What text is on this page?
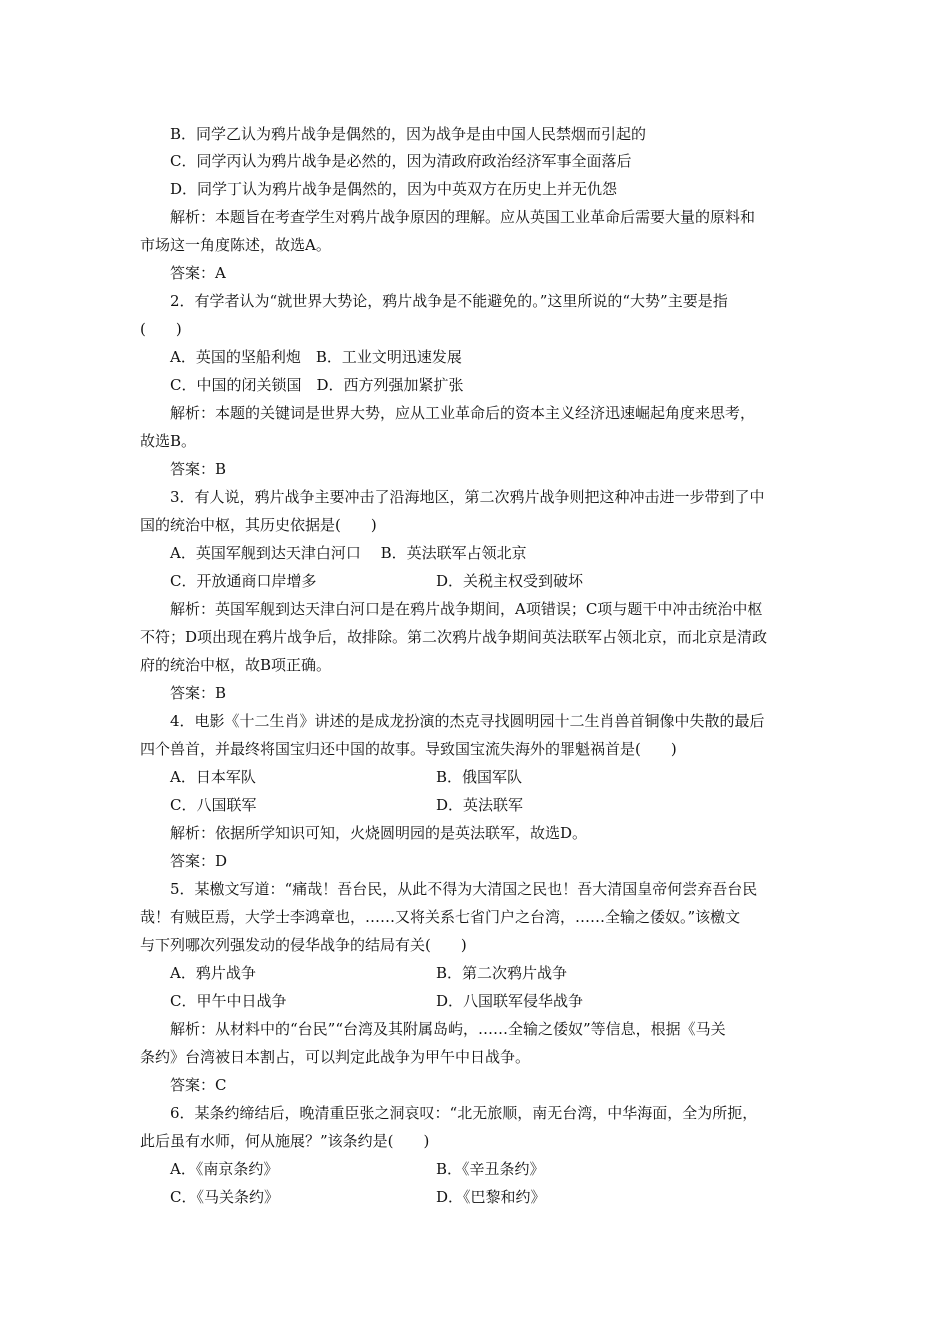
B．同学乙认为鸦片战争是偶然的，因为战争是由中国人民禁烟而引起的
C．同学丙认为鸦片战争是必然的，因为清政府政治经济军事全面落后
D．同学丁认为鸦片战争是偶然的，因为中英双方在历史上并无仇怨
解析：本题旨在考查学生对鸦片战争原因的理解。应从英国工业革命后需要大量的原料和
市场这一角度陈述，故选A。
答案：A
2．有学者认为“就世界大势论，鸦片战争是不能避免的。”这里所说的“大势”主要是指
(　　)
A．英国的坚船利炮　B．工业文明迅速发展
C．中国的闭关锁国　D．西方列强加紧扩张
解析：本题的关键词是世界大势，应从工业革命后的资本主义经济迅速崛起角度来思考，
故选B。
答案：B
3．有人说，鸦片战争主要冲击了沿海地区，第二次鸦片战争则把这种冲击进一步带到了中
国的统治中枢，其历史依据是(　　)
A．英国军舰到达天津白河口　 B．英法联军占领北京
C．开放通商口岸增多	D．关税主权受到破坏
解析：英国军舰到达天津白河口是在鸦片战争期间，A项错误；C项与题干中冲击统治中枢
不符；D项出现在鸦片战争后，故排除。第二次鸦片战争期间英法联军占领北京，而北京是清政
府的统治中枢，故B项正确。
答案：B
4．电影《十二生肖》讲述的是成龙扮演的杰克寻找圆明园十二生肖兽首铜像中失散的最后
四个兽首，并最终将国宝归还中国的故事。导致国宝流失海外的罪魁祸首是(　　)
A．日本军队	B．俄国军队
C．八国联军	D．英法联军
解析：依据所学知识可知，火烧圆明园的是英法联军，故选D。
答案：D
5．某檄文写道：“痛哉！吾台民，从此不得为大清国之民也！吾大清国皇帝何尝弃吾台民
哉！有贼臣焉，大学士李鸿章也，……又将关系七省门户之台湾，……全输之倭奴。”该檄文
与下列哪次列强发动的侵华战争的结局有关(　　)
A．鸦片战争	B．第二次鸦片战争
C．甲午中日战争	D．八国联军侵华战争
解析：从材料中的“台民”“台湾及其附属岛屿，……全输之倭奴”等信息，根据《马关
条约》台湾被日本割占，可以判定此战争为甲午中日战争。
答案：C
6．某条约缔结后，晚清重臣张之洞哀叹：“北无旅顺，南无台湾，中华海面，全为所扼，
此后虽有水师，何从施展？”该条约是(　　)
A．《南京条约》	B．《辛丑条约》
C．《马关条约》	D．《巴黎和约》
